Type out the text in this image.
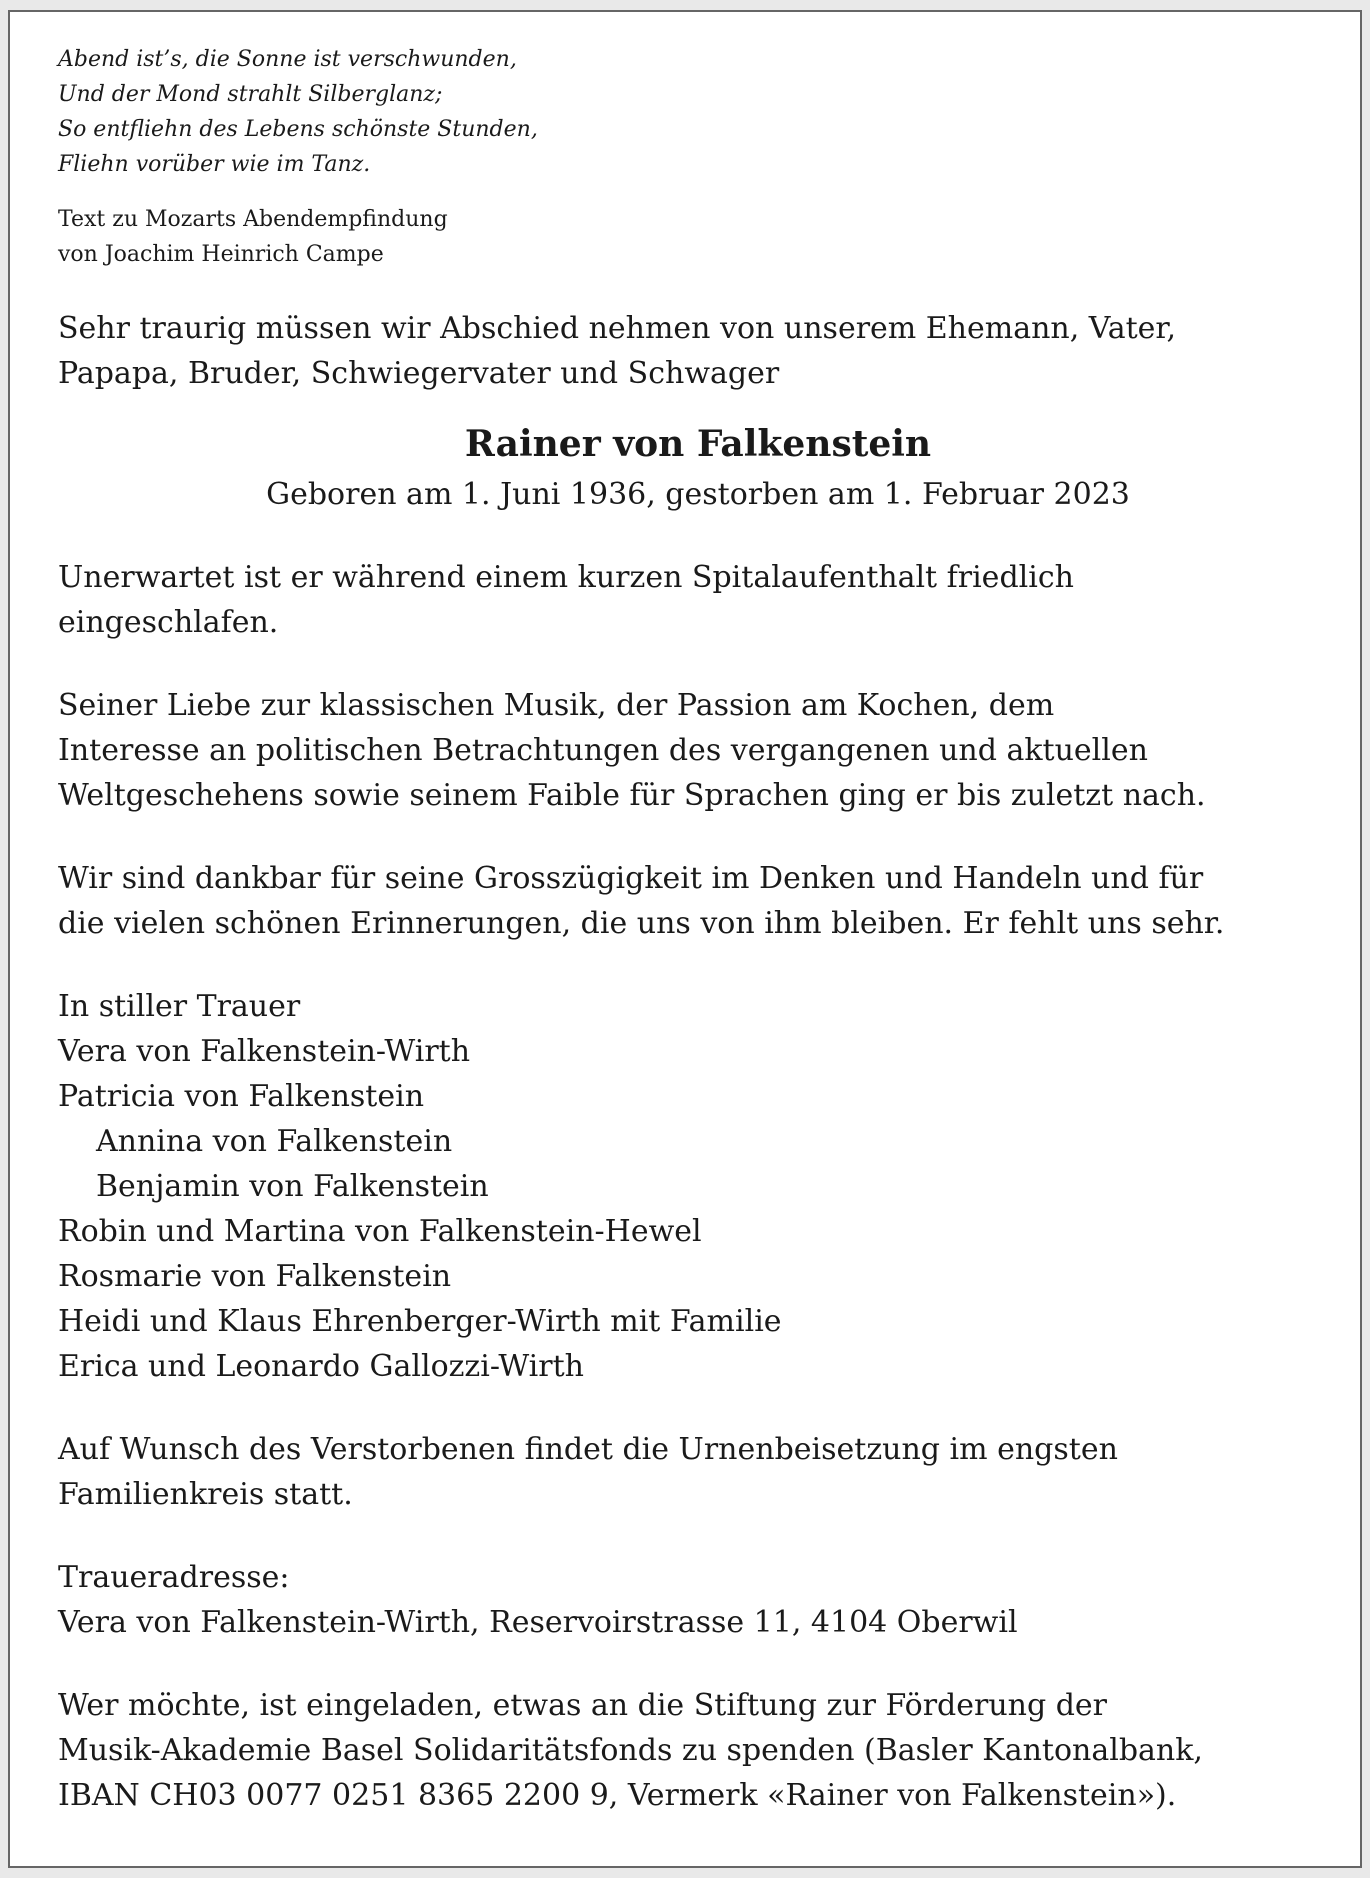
Abend ist’s, die Sonne ist verschwunden,
Und der Mond strahlt Silberglanz;
So entfliehn des Lebens schönste Stunden,
Fliehn vorüber wie im Tanz.

Text zu Mozarts Abendempfindung
von Joachim Heinrich Campe

Sehr traurig müssen wir Abschied nehmen von unserem Ehemann, Vater,
Papapa, Bruder, Schwiegervater und Schwager

Rainer von Falkenstein

Geboren am 1. Juni 1936, gestorben am 1. Februar 2023

Unerwartet ist er während einem kurzen Spitalaufenthalt friedlich
eingeschlafen.

Seiner Liebe zur klassischen Musik, der Passion am Kochen, dem
Interesse an politischen Betrachtungen des vergangenen und aktuellen
Weltgeschehens sowie seinem Faible für Sprachen ging er bis zuletzt nach.

Wir sind dankbar für seine Grosszügigkeit im Denken und Handeln und für
die vielen schönen Erinnerungen, die uns von ihm bleiben. Er fehlt uns sehr.

In stiller Trauer
Vera von Falkenstein-Wirth
Patricia von Falkenstein
Annina von Falkenstein
Benjamin von Falkenstein
Robin und Martina von Falkenstein-Hewel
Rosmarie von Falkenstein
Heidi und Klaus Ehrenberger-Wirth mit Familie
Erica und Leonardo Gallozzi-Wirth

Auf Wunsch des Verstorbenen findet die Urnenbeisetzung im engsten
Familienkreis statt.

Traueradresse:
Vera von Falkenstein-Wirth, Reservoirstrasse 11, 4104 Oberwil

Wer möchte, ist eingeladen, etwas an die Stiftung zur Förderung der
Musik-Akademie Basel Solidaritätsfonds zu spenden (Basler Kantonalbank,
IBAN CH03 0077 0251 8365 2200 9, Vermerk «Rainer von Falkenstein»).
